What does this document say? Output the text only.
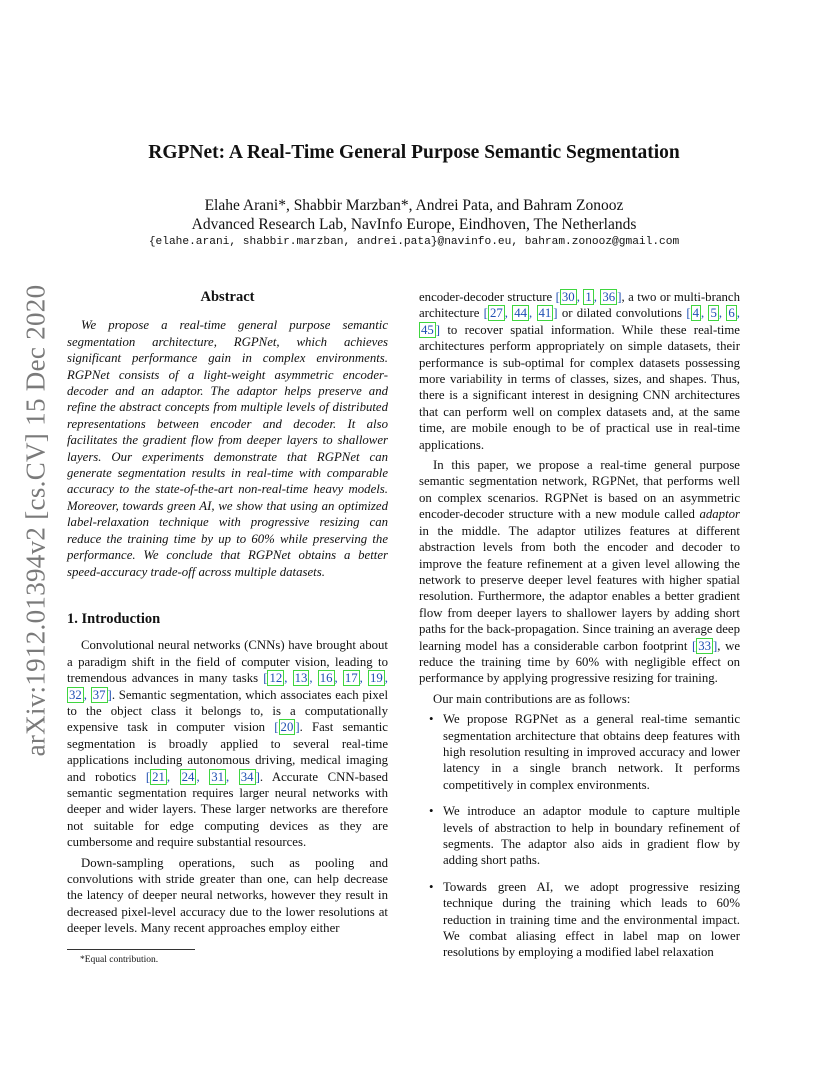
arXiv:1912.01394v2 [cs.CV] 15 Dec 2020
RGPNet: A Real-Time General Purpose Semantic Segmentation
Elahe Arani*, Shabbir Marzban*, Andrei Pata, and Bahram Zonooz
Advanced Research Lab, NavInfo Europe, Eindhoven, The Netherlands
{elahe.arani, shabbir.marzban, andrei.pata}@navinfo.eu, bahram.zonooz@gmail.com
Abstract

We propose a real-time general purpose semantic segmentation architecture, RGPNet, which achieves significant performance gain in complex environments. RGPNet consists of a light-weight asymmetric encoder-decoder and an adaptor. The adaptor helps preserve and refine the abstract concepts from multiple levels of distributed representations between encoder and decoder. It also facilitates the gradient flow from deeper layers to shallower layers. Our experiments demonstrate that RGPNet can generate segmentation results in real-time with comparable accuracy to the state-of-the-art non-real-time heavy models. Moreover, towards green AI, we show that using an optimized label-relaxation technique with progressive resizing can reduce the training time by up to 60% while preserving the performance. We conclude that RGPNet obtains a better speed-accuracy trade-off across multiple datasets.

1. Introduction

Convolutional neural networks (CNNs) have brought about a paradigm shift in the field of computer vision, leading to tremendous advances in many tasks [ 12 , 13 , 16 , 17 , 19 , 32 , 37 ]. Semantic segmentation, which associates each pixel to the object class it belongs to, is a computationally expensive task in computer vision [ 20 ]. Fast semantic segmentation is broadly applied to several real-time applications including autonomous driving, medical imaging and robotics [ 21 , 24 , 31 , 34 ]. Accurate CNN-based semantic segmentation requires larger neural networks with deeper and wider layers. These larger networks are therefore not suitable for edge computing devices as they are cumbersome and require substantial resources.

Down-sampling operations, such as pooling and convolutions with stride greater than one, can help decrease the latency of deeper neural networks, however they result in decreased pixel-level accuracy due to the lower resolutions at deeper levels. Many recent approaches employ either

encoder-decoder structure [ 30 , 1 , 36 ], a two or multi-branch architecture [ 27 , 44 , 41 ] or dilated convolutions [ 4 , 5 , 6 , 45 ] to recover spatial information. While these real-time architectures perform appropriately on simple datasets, their performance is sub-optimal for complex datasets possessing more variability in terms of classes, sizes, and shapes. Thus, there is a significant interest in designing CNN architectures that can perform well on complex datasets and, at the same time, are mobile enough to be of practical use in real-time applications.

In this paper, we propose a real-time general purpose semantic segmentation network, RGPNet, that performs well on complex scenarios. RGPNet is based on an asymmetric encoder-decoder structure with a new module called adaptor in the middle. The adaptor utilizes features at different abstraction levels from both the encoder and decoder to improve the feature refinement at a given level allowing the network to preserve deeper level features with higher spatial resolution. Furthermore, the adaptor enables a better gradient flow from deeper layers to shallower layers by adding short paths for the back-propagation. Since training an average deep learning model has a considerable carbon footprint [ 33 ], we reduce the training time by 60% with negligible effect on performance by applying progressive resizing for training.

Our main contributions are as follows:

• We propose RGPNet as a general real-time semantic segmentation architecture that obtains deep features with high resolution resulting in improved accuracy and lower latency in a single branch network. It performs competitively in complex environments.
• We introduce an adaptor module to capture multiple levels of abstraction to help in boundary refinement of segments. The adaptor also aids in gradient flow by adding short paths.
• Towards green AI, we adopt progressive resizing technique during the training which leads to 60% reduction in training time and the environmental impact. We combat aliasing effect in label map on lower resolutions by employing a modified label relaxation
*Equal contribution.
